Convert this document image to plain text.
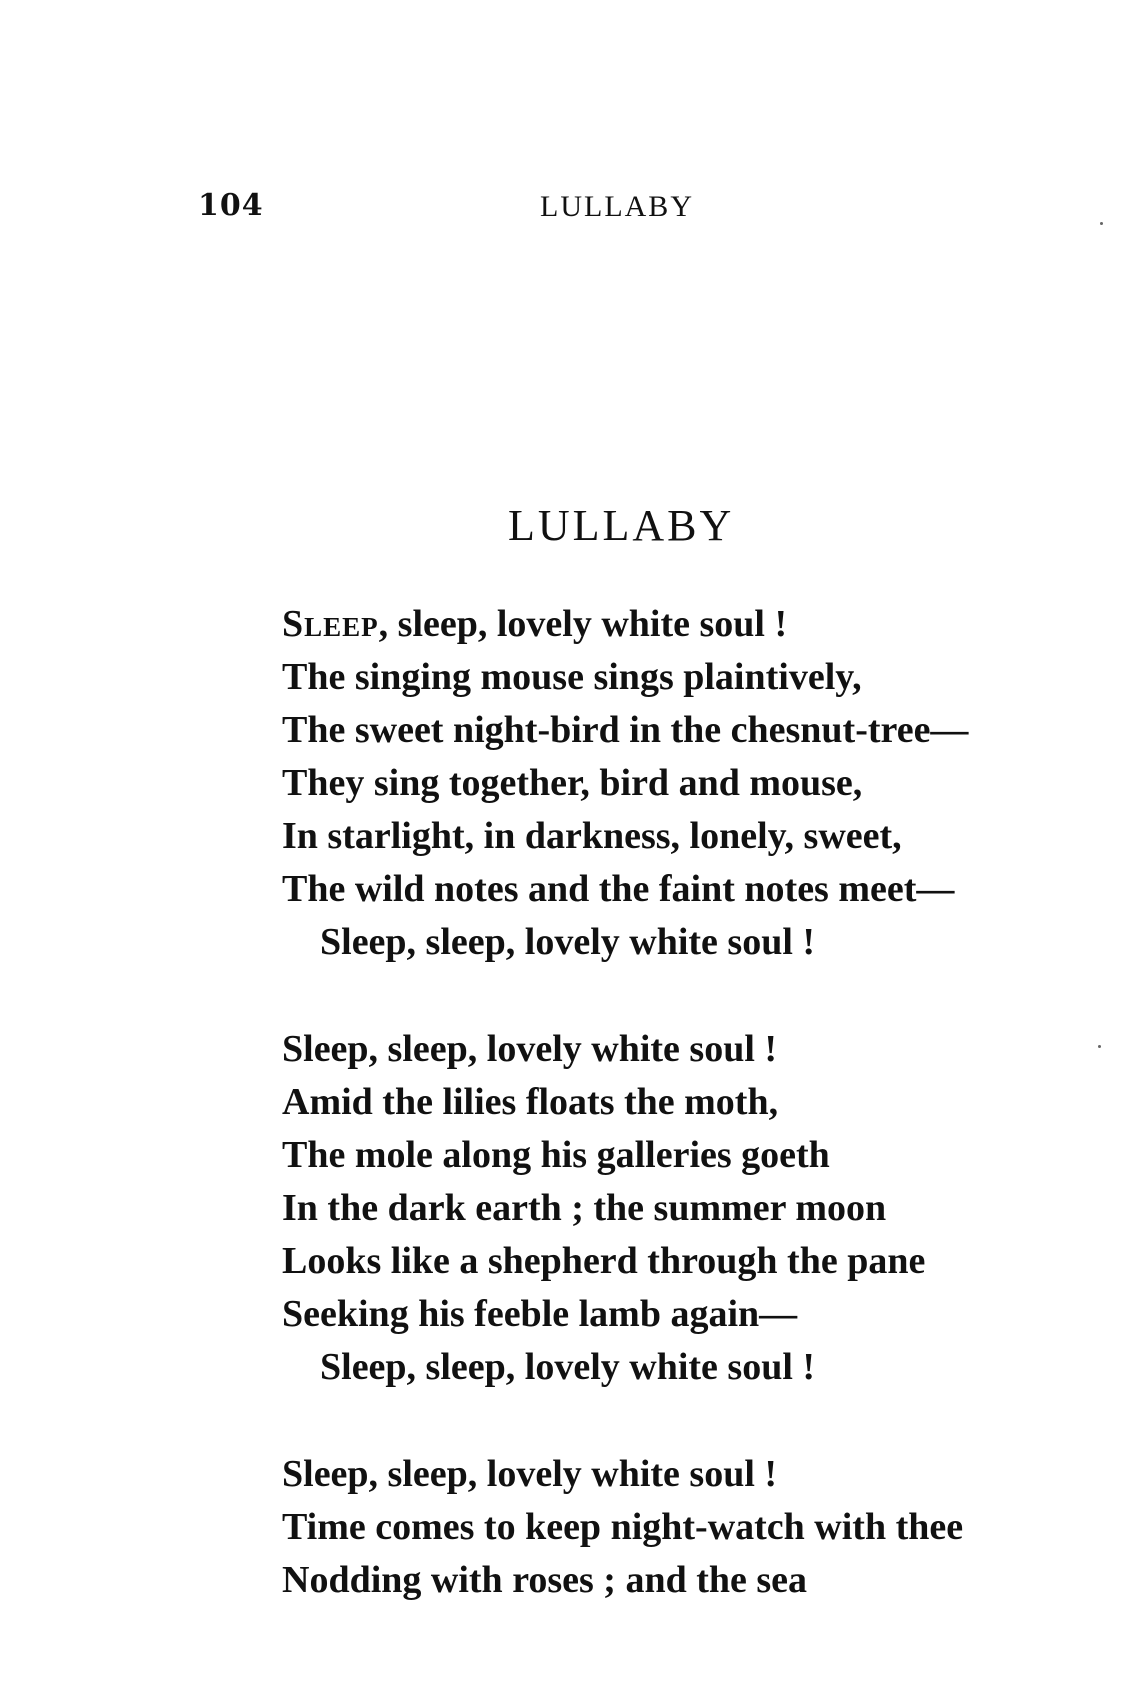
104	LULLABY
LULLABY
Sleep, sleep, lovely white soul !
The singing mouse sings plaintively,
The sweet night-bird in the chesnut-tree—
They sing together, bird and mouse,
In starlight, in darkness, lonely, sweet,
The wild notes and the faint notes meet—
Sleep, sleep, lovely white soul !
Sleep, sleep, lovely white soul !
Amid the lilies floats the moth,
The mole along his galleries goeth
In the dark earth ; the summer moon
Looks like a shepherd through the pane
Seeking his feeble lamb again—
Sleep, sleep, lovely white soul !
Sleep, sleep, lovely white soul !
Time comes to keep night-watch with thee
Nodding with roses ; and the sea
